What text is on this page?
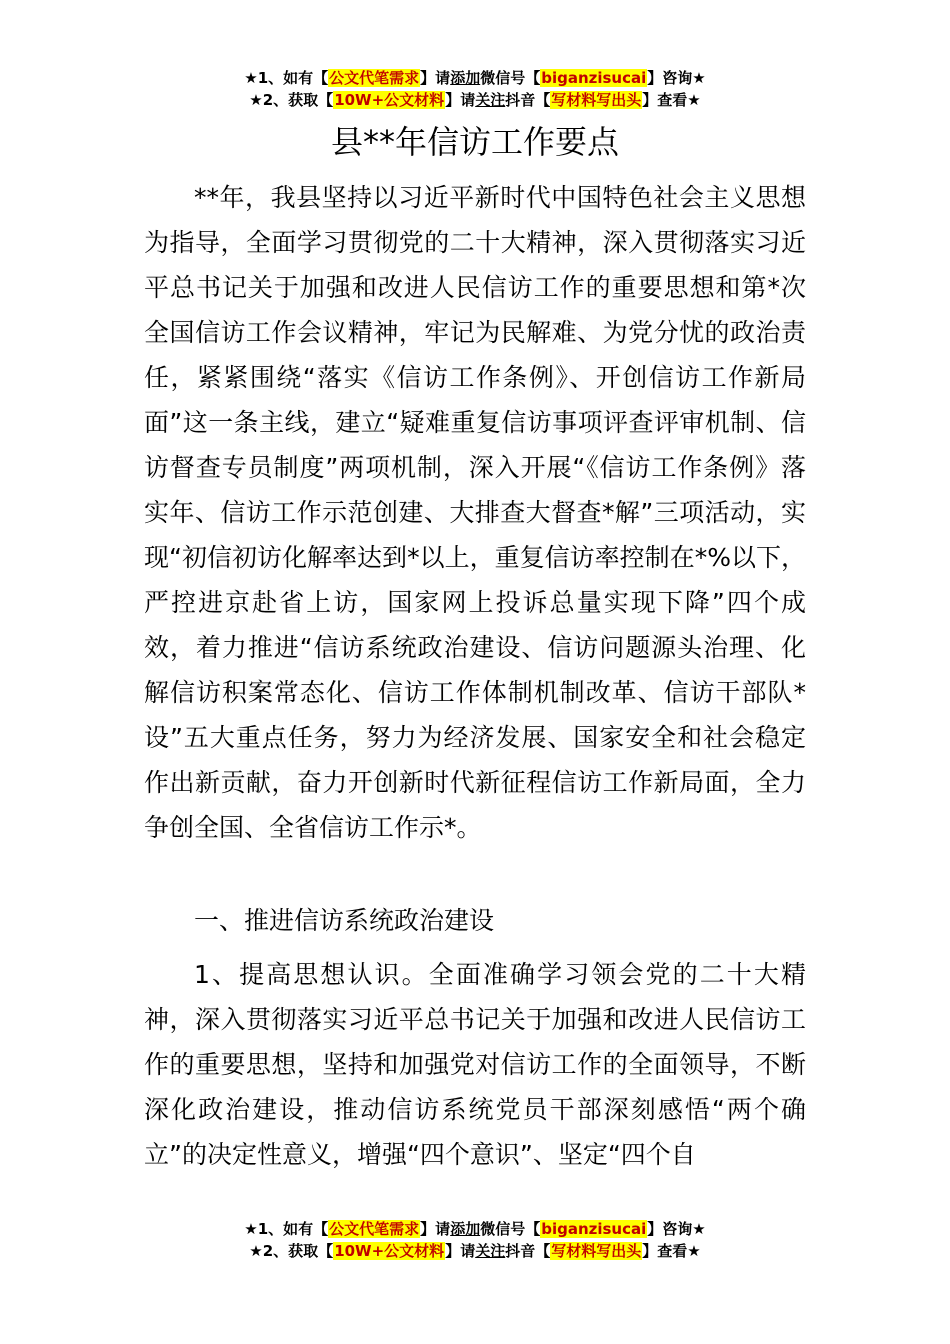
★1、如有【公文代笔需求】请添加微信号【biganzisucai】咨询★
★2、获取【10W+公文材料】请关注抖音【写材料写出头】查看★
县**年信访工作要点

**年，我县坚持以习近平新时代中国特色社会主义思想为指导，全面学习贯彻党的二十大精神，深入贯彻落实习近平总书记关于加强和改进人民信访工作的重要思想和第*次全国信访工作会议精神，牢记为民解难、为党分忧的政治责任，紧紧围绕“落实《信访工作条例》、开创信访工作新局面”这一条主线，建立“疑难重复信访事项评查评审机制、信访督查专员制度”两项机制，深入开展“《信访工作条例》落实年、信访工作示范创建、大排查大督查*解”三项活动，实现“初信初访化解率达到*以上，重复信访率控制在*%以下，严控进京赴省上访，国家网上投诉总量实现下降”四个成效，着力推进“信访系统政治建设、信访问题源头治理、化解信访积案常态化、信访工作体制机制改革、信访干部队*设”五大重点任务，努力为经济发展、国家安全和社会稳定作出新贡献，奋力开创新时代新征程信访工作新局面，全力争创全国、全省信访工作示*。

一、推进信访系统政治建设

1、提高思想认识。全面准确学习领会党的二十大精神，深入贯彻落实习近平总书记关于加强和改进人民信访工作的重要思想，坚持和加强党对信访工作的全面领导，不断深化政治建设，推动信访系统党员干部深刻感悟“两个确立”的决定性意义，增强“四个意识”、坚定“四个自

★1、如有【公文代笔需求】请添加微信号【biganzisucai】咨询★
★2、获取【10W+公文材料】请关注抖音【写材料写出头】查看★
